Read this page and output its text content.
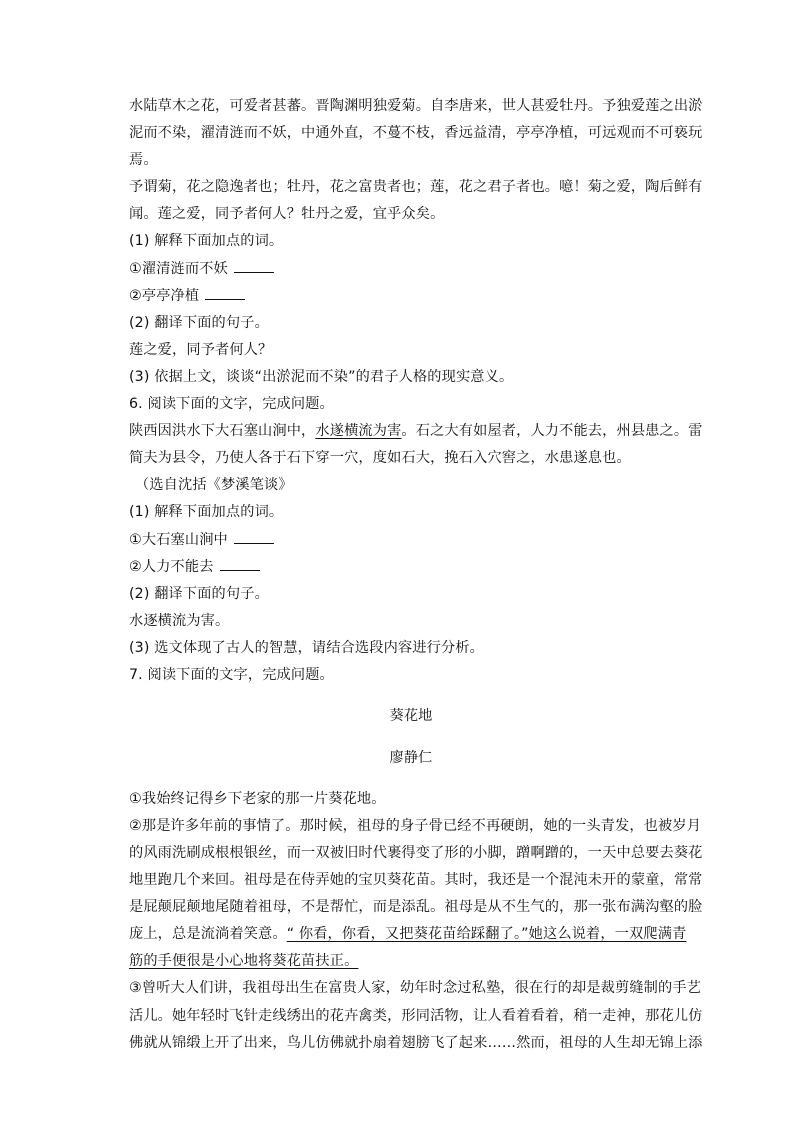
水陆草木之花，可爱者甚蕃。晋陶渊明独爱菊。自李唐来，世人甚爱牡丹。予独爱莲之出淤

泥而不染，濯清涟而不妖，中通外直，不蔓不枝，香远益清，亭亭净植，可远观而不可亵玩

焉。

予谓菊，花之隐逸者也；牡丹，花之富贵者也；莲，花之君子者也。噫！菊之爱，陶后鲜有

闻。莲之爱，同予者何人？牡丹之爱，宜乎众矣。

(1) 解释下面加点的词。

①濯清涟而不妖

②亭亭净植

(2) 翻译下面的句子。

莲之爱，同予者何人？

(3) 依据上文，谈谈“出淤泥而不染”的君子人格的现实意义。

6. 阅读下面的文字，完成问题。

陕西因洪水下大石塞山涧中，水遂横流为害。石之大有如屋者，人力不能去，州县患之。雷

简夫为县令，乃使人各于石下穿一穴，度如石大，挽石入穴窖之，水患遂息也。

（选自沈括《梦溪笔谈》

(1) 解释下面加点的词。

①大石塞山涧中

②人力不能去

(2) 翻译下面的句子。

水逐横流为害。

(3) 选文体现了古人的智慧，请结合选段内容进行分析。

7. 阅读下面的文字，完成问题。

葵花地

廖静仁

①我始终记得乡下老家的那一片葵花地。

②那是许多年前的事情了。那时候，祖母的身子骨已经不再硬朗，她的一头青发，也被岁月

的风雨洗刷成根根银丝，而一双被旧时代裹得变了形的小脚，蹭啊蹭的，一天中总要去葵花

地里跑几个来回。祖母是在侍弄她的宝贝葵花苗。其时，我还是一个混沌未开的蒙童，常常

是屁颠屁颠地尾随着祖母，不是帮忙，而是添乱。祖母是从不生气的，那一张布满沟壑的脸

庞上，总是流淌着笑意。“ 你看，你看，又把葵花苗给踩翻了。”她这么说着，一双爬满青

筋的手便很是小心地将葵花苗扶正。

③曾听大人们讲，我祖母出生在富贵人家，幼年时念过私塾，很在行的却是裁剪缝制的手艺

活儿。她年轻时飞针走线绣出的花卉禽类，形同活物，让人看着看着，稍一走神，那花儿仿

佛就从锦缎上开了出来，鸟儿仿佛就扑扇着翅膀飞了起来……然而，祖母的人生却无锦上添
